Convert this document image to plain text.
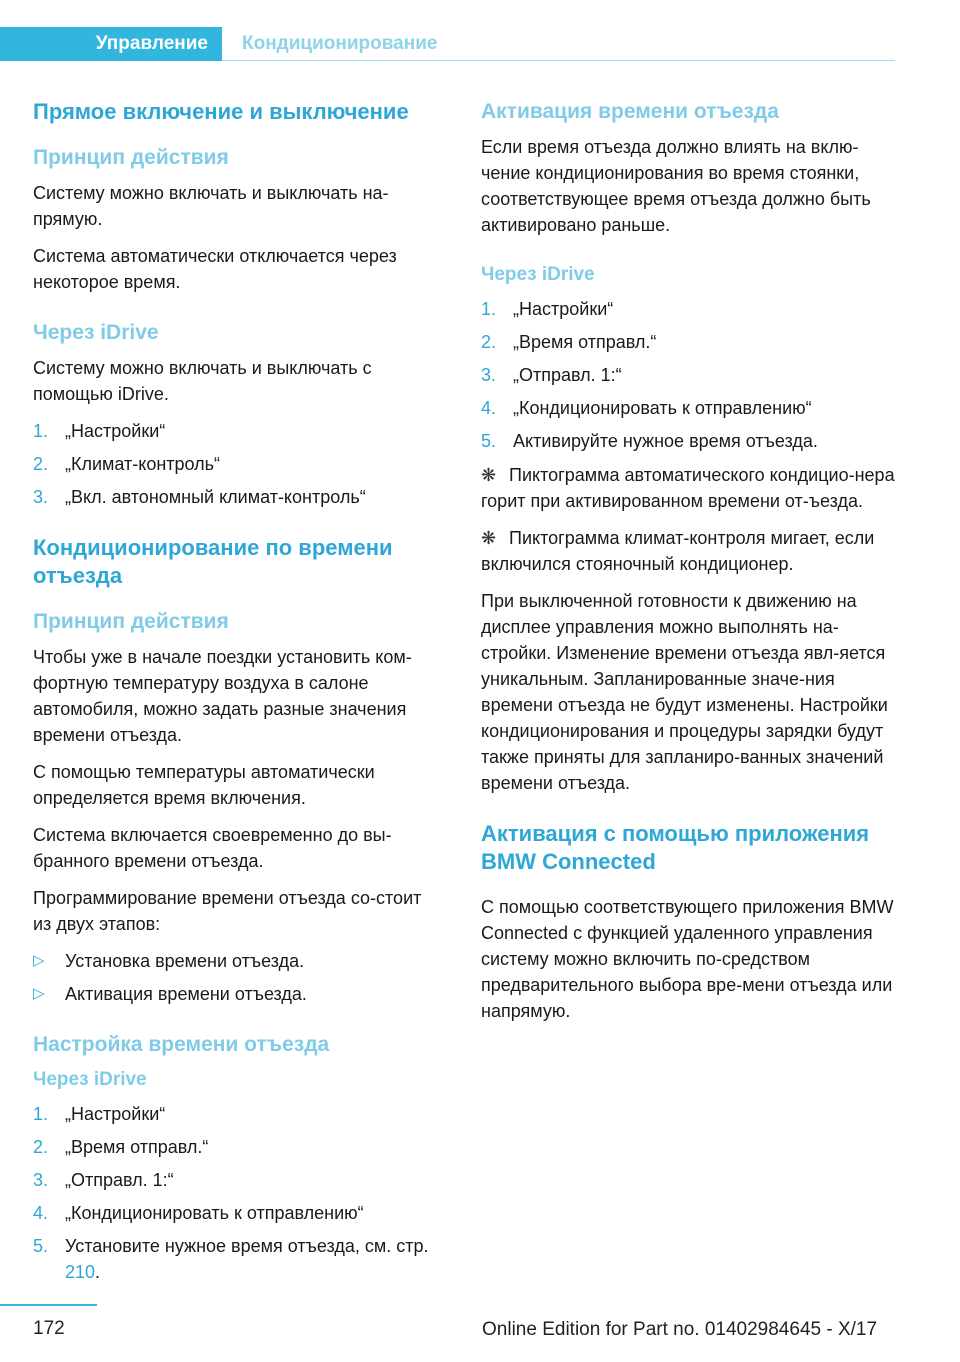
Управление	Кондиционирование
Прямое включение и выключение
Принцип действия

Систему можно включать и выключать на-прямую.

Система автоматически отключается через некоторое время.

Через iDrive

Систему можно включать и выключать с помощью iDrive.

1. „Настройки“
2. „Климат-контроль“
3. „Вкл. автономный климат-контроль“
Кондиционирование по времени отъезда
Принцип действия

Чтобы уже в начале поездки установить ком-фортную температуру воздуха в салоне автомобиля, можно задать разные значения времени отъезда.

С помощью температуры автоматически определяется время включения.

Система включается своевременно до вы-бранного времени отъезда.

Программирование времени отъезда со-стоит из двух этапов:

▷ Установка времени отъезда.
▷ Активация времени отъезда.
Настройка времени отъезда
Через iDrive
1. „Настройки“
2. „Время отправл.“
3. „Отправл. 1:“
4. „Кондиционировать к отправлению“
5. Установите нужное время отъезда, см. стр. 210.
Активация времени отъезда

Если время отъезда должно влиять на вклю-чение кондиционирования во время стоянки, соответствующее время отъезда должно быть активировано раньше.

Через iDrive
1. „Настройки“
2. „Время отправл.“
3. „Отправл. 1:“
4. „Кондиционировать к отправлению“
5. Активируйте нужное время отъезда.

❋ Пиктограмма автоматического кондицио-нера горит при активированном времени от-ъезда.

❋ Пиктограмма климат-контроля мигает, если включился стояночный кондиционер.

При выключенной готовности к движению на дисплее управления можно выполнять на-стройки. Изменение времени отъезда явл-яется уникальным. Запланированные значе-ния времени отъезда не будут изменены. Настройки кондиционирования и процедуры зарядки будут также приняты для запланиро-ванных значений времени отъезда.

Активация с помощью приложения BMW Connected

С помощью соответствующего приложения BMW Connected с функцией удаленного управления систему можно включить по-средством предварительного выбора вре-мени отъезда или напрямую.

172	Online Edition for Part no. 01402984645 - X/17
